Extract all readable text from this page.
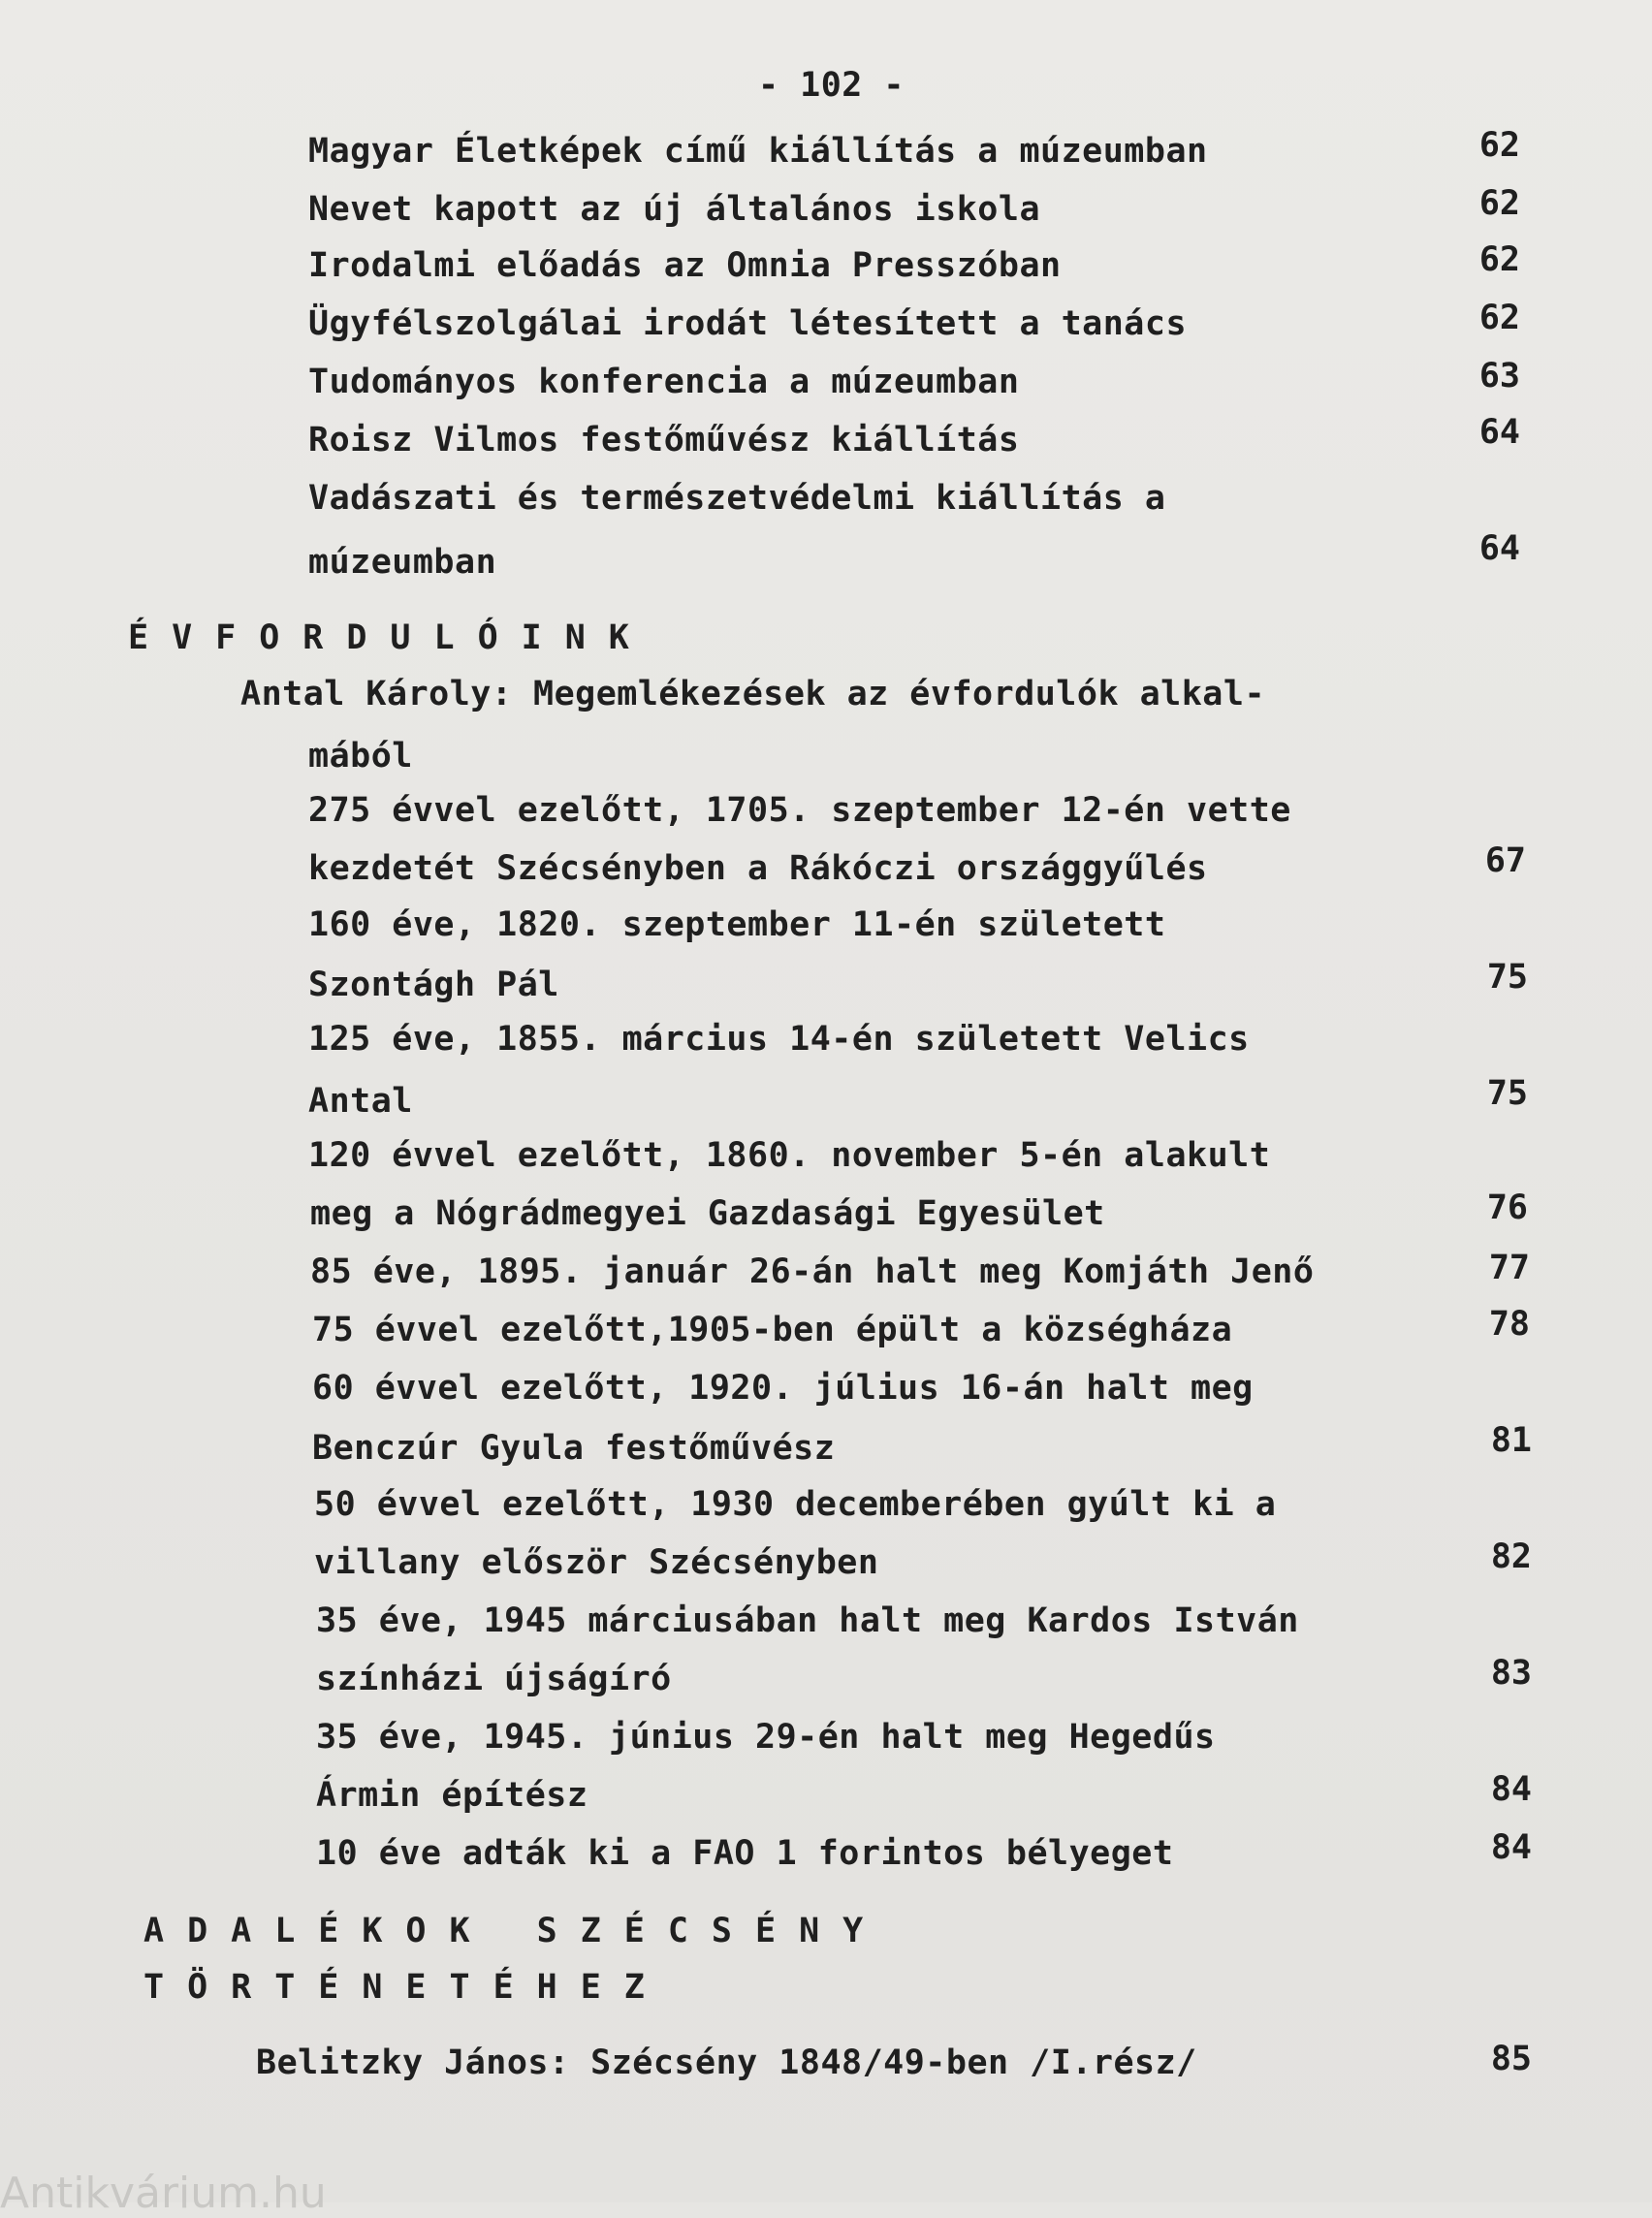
- 102 -
Magyar Életképek című kiállítás a múzeumban	62
Nevet kapott az új általános iskola	62
Irodalmi előadás az Omnia Presszóban	62
Ügyfélszolgálai irodát létesített a tanács	62
Tudományos konferencia a múzeumban	63
Roisz Vilmos festőművész kiállítás	64
Vadászati és természetvédelmi kiállítás a
múzeumban	64
ÉVFORDULÓINK
Antal Károly: Megemlékezések az évfordulók alkal-
mából
275 évvel ezelőtt, 1705. szeptember 12-én vette
kezdetét Szécsényben a Rákóczi országgyűlés	67
160 éve, 1820. szeptember 11-én született
Szontágh Pál	75
125 éve, 1855. március 14-én született Velics
Antal	75
120 évvel ezelőtt, 1860. november 5-én alakult
meg a Nógrádmegyei Gazdasági Egyesület	76
85 éve, 1895. január 26-án halt meg Komjáth Jenő	77
75 évvel ezelőtt,1905-ben épült a községháza	78
60 évvel ezelőtt, 1920. július 16-án halt meg
Benczúr Gyula festőművész	81
50 évvel ezelőtt, 1930 decemberében gyúlt ki a
villany először Szécsényben	82
35 éve, 1945 márciusában halt meg Kardos István
színházi újságíró	83
35 éve, 1945. június 29-én halt meg Hegedűs
Ármin építész	84
10 éve adták ki a FAO 1 forintos bélyeget	84
ADALÉKOK SZÉCSÉNY
TÖRTÉNETÉHEZ
Belitzky János: Szécsény 1848/49-ben /I.rész/	85
Antikvárium.hu
